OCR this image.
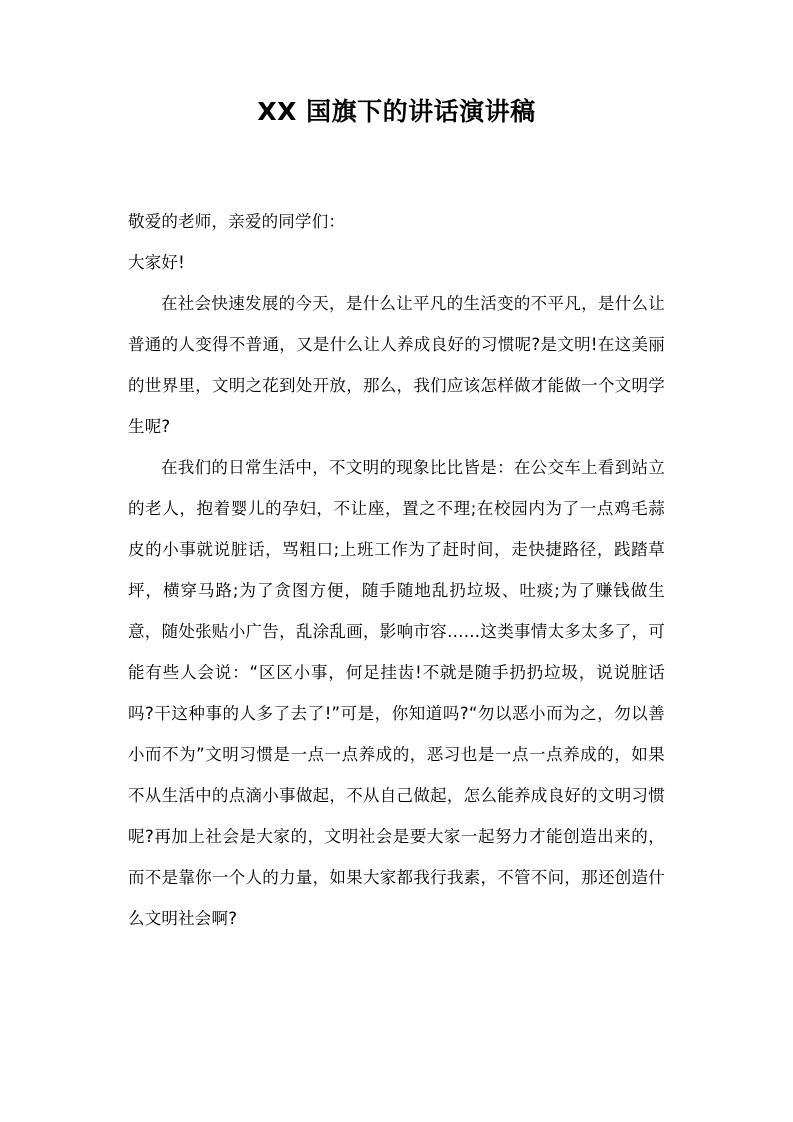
XX 国旗下的讲话演讲稿

敬爱的老师，亲爱的同学们：

大家好!

在社会快速发展的今天，是什么让平凡的生活变的不平凡，是什么让普通的人变得不普通，又是什么让人养成良好的习惯呢?是文明!在这美丽的世界里，文明之花到处开放，那么，我们应该怎样做才能做一个文明学生呢?

在我们的日常生活中，不文明的现象比比皆是：在公交车上看到站立的老人，抱着婴儿的孕妇，不让座，置之不理;在校园内为了一点鸡毛蒜皮的小事就说脏话，骂粗口;上班工作为了赶时间，走快捷路径，践踏草坪，横穿马路;为了贪图方便，随手随地乱扔垃圾、吐痰;为了赚钱做生意，随处张贴小广告，乱涂乱画，影响市容……这类事情太多太多了，可能有些人会说：“区区小事，何足挂齿!不就是随手扔扔垃圾，说说脏话吗?干这种事的人多了去了!”可是，你知道吗?“勿以恶小而为之，勿以善小而不为”文明习惯是一点一点养成的，恶习也是一点一点养成的，如果不从生活中的点滴小事做起，不从自己做起，怎么能养成良好的文明习惯呢?再加上社会是大家的，文明社会是要大家一起努力才能创造出来的，而不是靠你一个人的力量，如果大家都我行我素，不管不问，那还创造什么文明社会啊?
